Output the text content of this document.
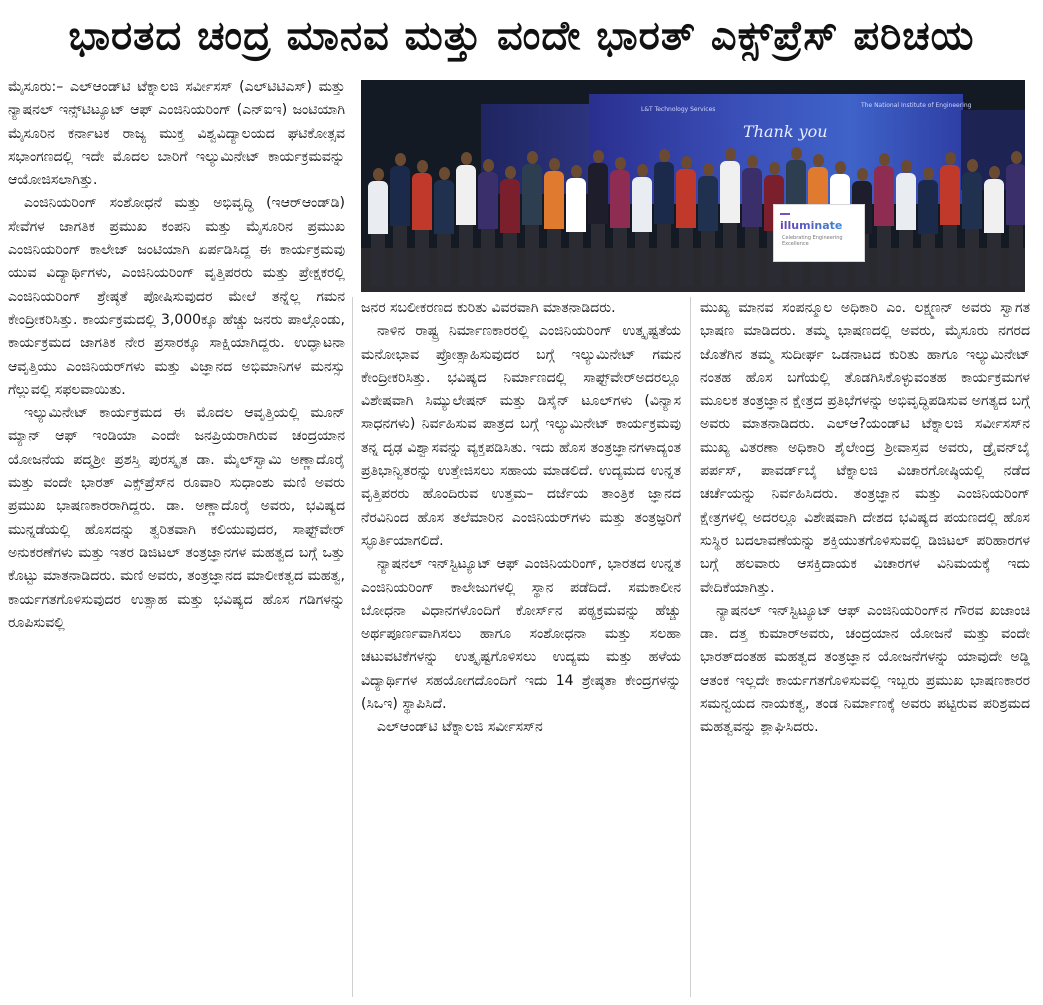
ಭಾರತದ ಚಂದ್ರ ಮಾನವ ಮತ್ತು ವಂದೇ ಭಾರತ್ ಎಕ್ಸ್‌ಪ್ರೆಸ್ ಪರಿಚಯ

ಮೈಸೂರು:– ಎಲ್‌ಆಂಡ್‌ಟಿ ಟೆಕ್ನಾಲಜಿ ಸರ್ವೀಸಸ್ (ಎಲ್‌ಟಿಟಿಎಸ್) ಮತ್ತು ನ್ಯಾಷನಲ್ ಇನ್ಸ್‌ಟಿಟ್ಯೂಟ್ ಆಫ್ ಎಂಜಿನಿಯರಿಂಗ್ (ಎನ್‌ಐಇ) ಜಂಟಿಯಾಗಿ ಮೈಸೂರಿನ ಕರ್ನಾಟಕ ರಾಜ್ಯ ಮುಕ್ತ ವಿಶ್ವವಿದ್ಯಾಲಯದ ಘಟಿಕೋತ್ಸವ ಸಭಾಂಗಣದಲ್ಲಿ ಇದೇ ಮೊದಲ ಬಾರಿಗೆ ಇಲ್ಯುಮಿನೇಟ್ ಕಾರ್ಯಕ್ರಮವನ್ನು ಆಯೋಜಿಸಲಾಗಿತ್ತು.

ಎಂಜಿನಿಯರಿಂಗ್ ಸಂಶೋಧನೆ ಮತ್ತು ಅಭಿವೃದ್ಧಿ (ಇಆರ್‌ಆಂಡ್‌ಡಿ) ಸೇವೆಗಳ ಜಾಗತಿಕ ಪ್ರಮುಖ ಕಂಪನಿ ಮತ್ತು ಮೈಸೂರಿನ ಪ್ರಮುಖ ಎಂಜಿನಿಯರಿಂಗ್ ಕಾಲೇಜ್ ಜಂಟಿಯಾಗಿ ಏರ್ಪಡಿಸಿದ್ದ ಈ ಕಾರ್ಯಕ್ರಮವು ಯುವ ವಿದ್ಯಾರ್ಥಿಗಳು, ಎಂಜಿನಿಯರಿಂಗ್ ವೃತ್ತಿಪರರು ಮತ್ತು ಪ್ರೇಕ್ಷಕರಲ್ಲಿ ಎಂಜಿನಿಯರಿಂಗ್ ಶ್ರೇಷ್ಠತೆ ಪೋಷಿಸುವುದರ ಮೇಲೆ ತನ್ನೆಲ್ಲ ಗಮನ ಕೇಂದ್ರೀಕರಿಸಿತ್ತು. ಕಾರ್ಯಕ್ರಮದಲ್ಲಿ 3,000ಕ್ಕೂ ಹೆಚ್ಚು ಜನರು ಪಾಲ್ಗೊಂಡು, ಕಾರ್ಯಕ್ರಮದ ಜಾಗತಿಕ ನೇರ ಪ್ರಸಾರಕ್ಕೂ ಸಾಕ್ಷಿಯಾಗಿದ್ದರು. ಉದ್ಘಾಟನಾ ಆವೃತ್ತಿಯು ಎಂಜಿನಿಯರ್‌ಗಳು ಮತ್ತು ವಿಜ್ಞಾನದ ಅಭಿಮಾನಿಗಳ ಮನಸ್ಸು ಗೆಲ್ಲುವಲ್ಲಿ ಸಫಲವಾಯಿತು.

ಇಲ್ಯುಮಿನೇಟ್ ಕಾರ್ಯಕ್ರಮದ ಈ ಮೊದಲ ಆವೃತ್ತಿಯಲ್ಲಿ ಮೂನ್ ಮ್ಯಾನ್ ಆಫ್ ಇಂಡಿಯಾ ಎಂದೇ ಜನಪ್ರಿಯರಾಗಿರುವ ಚಂದ್ರಯಾನ ಯೋಜನೆಯ ಪದ್ಮಶ್ರೀ ಪ್ರಶಸ್ತಿ ಪುರಸ್ಕೃತ ಡಾ. ಮೈಲ್‌ಸ್ವಾಮಿ ಅಣ್ಣಾದೊರೈ ಮತ್ತು ವಂದೇ ಭಾರತ್ ಎಕ್ಸ್‌ಪ್ರೆಸ್‌ನ ರೂವಾರಿ ಸುಧಾಂಶು ಮಣಿ ಅವರು ಪ್ರಮುಖ ಭಾಷಣಕಾರರಾಗಿದ್ದರು. ಡಾ. ಅಣ್ಣಾದೊರೈ ಅವರು, ಭವಿಷ್ಯದ ಮುನ್ನಡೆಯಲ್ಲಿ ಹೊಸದನ್ನು ತ್ವರಿತವಾಗಿ ಕಲಿಯುವುದರ, ಸಾಫ್ಟ್‌ವೇರ್ ಅನುಕರಣೆಗಳು ಮತ್ತು ಇತರ ಡಿಜಿಟಲ್ ತಂತ್ರಜ್ಞಾನಗಳ ಮಹತ್ವದ ಬಗ್ಗೆ ಒತ್ತು ಕೊಟ್ಟು ಮಾತನಾಡಿದರು. ಮಣಿ ಅವರು, ತಂತ್ರಜ್ಞಾನದ ಮಾಲೀಕತ್ವದ ಮಹತ್ವ, ಕಾರ್ಯಗತಗೊಳಿಸುವುದರ ಉತ್ಸಾಹ ಮತ್ತು ಭವಿಷ್ಯದ ಹೊಸ ಗಡಿಗಳನ್ನು ರೂಪಿಸುವಲ್ಲಿ

L&T Technology Services
The National Institute of Engineering
Thank you
illuminate
Celebrating Engineering Excellence

ಜನರ ಸಬಲೀಕರಣದ ಕುರಿತು ವಿವರವಾಗಿ ಮಾತನಾಡಿದರು.

ನಾಳಿನ ರಾಷ್ಟ್ರ ನಿರ್ಮಾಣಕಾರರಲ್ಲಿ ಎಂಜಿನಿಯರಿಂಗ್ ಉತ್ಕೃಷ್ಟತೆಯ ಮನೋಭಾವ ಪ್ರೋತ್ಸಾಹಿಸುವುದರ ಬಗ್ಗೆ ಇಲ್ಯುಮಿನೇಟ್ ಗಮನ ಕೇಂದ್ರೀಕರಿಸಿತ್ತು. ಭವಿಷ್ಯದ ನಿರ್ಮಾಣದಲ್ಲಿ ಸಾಫ್ಟ್‌ವೇರ್‌ಅದರಲ್ಲೂ ವಿಶೇಷವಾಗಿ ಸಿಮ್ಯುಲೇಷನ್ ಮತ್ತು ಡಿಸೈನ್ ಟೂಲ್‌ಗಳು (ವಿನ್ಯಾಸ ಸಾಧನಗಳು) ನಿರ್ವಹಿಸುವ ಪಾತ್ರದ ಬಗ್ಗೆ ಇಲ್ಯುಮಿನೇಟ್ ಕಾರ್ಯಕ್ರಮವು ತನ್ನ ದೃಢ ವಿಶ್ವಾಸವನ್ನು ವ್ಯಕ್ತಪಡಿಸಿತು. ಇದು ಹೊಸ ತಂತ್ರಜ್ಞಾನಗಳಾದ್ಯಂತ ಪ್ರತಿಭಾನ್ವಿತರನ್ನು ಉತ್ತೇಜಿಸಲು ಸಹಾಯ ಮಾಡಲಿದೆ. ಉದ್ಯಮದ ಉನ್ನತ ವೃತ್ತಿಪರರು ಹೊಂದಿರುವ ಉತ್ತಮ– ದರ್ಜೆಯ ತಾಂತ್ರಿಕ ಜ್ಞಾನದ ನೆರವಿನಿಂದ ಹೊಸ ತಲೆಮಾರಿನ ಎಂಜಿನಿಯರ್‌ಗಳು ಮತ್ತು ತಂತ್ರಜ್ಞರಿಗೆ ಸ್ಫೂರ್ತಿಯಾಗಲಿದೆ.

ನ್ಯಾಷನಲ್ ಇನ್‌ಸ್ಟಿಟ್ಯೂಟ್ ಆಫ್ ಎಂಜಿನಿಯರಿಂಗ್, ಭಾರತದ ಉನ್ನತ ಎಂಜಿನಿಯರಿಂಗ್ ಕಾಲೇಜುಗಳಲ್ಲಿ ಸ್ಥಾನ ಪಡೆದಿದೆ. ಸಮಕಾಲೀನ ಬೋಧನಾ ವಿಧಾನಗಳೊಂದಿಗೆ ಕೋರ್ಸ್‌ನ ಪಠ್ಯಕ್ರಮವನ್ನು ಹೆಚ್ಚು ಅರ್ಥಪೂರ್ಣವಾಗಿಸಲು ಹಾಗೂ ಸಂಶೋಧನಾ ಮತ್ತು ಸಲಹಾ ಚಟುವಟಿಕೆಗಳನ್ನು ಉತ್ಕೃಷ್ಟಗೊಳಿಸಲು ಉದ್ಯಮ ಮತ್ತು ಹಳೆಯ ವಿದ್ಯಾರ್ಥಿಗಳ ಸಹಯೋಗದೊಂದಿಗೆ ಇದು 14 ಶ್ರೇಷ್ಠತಾ ಕೇಂದ್ರಗಳನ್ನು (ಸಿಒಇ) ಸ್ಥಾಪಿಸಿದೆ.

ಎಲ್‌ಆಂಡ್‌ಟಿ ಟೆಕ್ನಾಲಜಿ ಸರ್ವೀಸಸ್‌ನ

ಮುಖ್ಯ ಮಾನವ ಸಂಪನ್ಮೂಲ ಅಧಿಕಾರಿ ಎಂ. ಲಕ್ಷ್ಮಣನ್ ಅವರು ಸ್ವಾಗತ ಭಾಷಣ ಮಾಡಿದರು. ತಮ್ಮ ಭಾಷಣದಲ್ಲಿ ಅವರು, ಮೈಸೂರು ನಗರದ ಜೊತೆಗಿನ ತಮ್ಮ ಸುದೀರ್ಘ ಒಡನಾಟದ ಕುರಿತು ಹಾಗೂ ಇಲ್ಯುಮಿನೇಟ್ ನಂತಹ ಹೊಸ ಬಗೆಯಲ್ಲಿ ತೊಡಗಿಸಿಕೊಳ್ಳುವಂತಹ ಕಾರ್ಯಕ್ರಮಗಳ ಮೂಲಕ ತಂತ್ರಜ್ಞಾನ ಕ್ಷೇತ್ರದ ಪ್ರತಿಭೆಗಳನ್ನು ಅಭಿವೃದ್ಧಿಪಡಿಸುವ ಅಗತ್ಯದ ಬಗ್ಗೆ ಅವರು ಮಾತನಾಡಿದರು. ಎಲ್‌ಆ?ಯಂಡ್‌ಟಿ ಟೆಕ್ನಾಲಜಿ ಸರ್ವೀಸಸ್‌ನ ಮುಖ್ಯ ವಿತರಣಾ ಅಧಿಕಾರಿ ಶೈಲೇಂದ್ರ ಶ್ರೀವಾಸ್ತವ ಅವರು, ಡ್ರೈವನ್‌ಬೈ ಪರ್ಪಸ್, ಪಾವರ್ಡ್‌ಬೈ ಟೆಕ್ನಾಲಜಿ ವಿಚಾರಗೋಷ್ಠಿಯಲ್ಲಿ ನಡೆದ ಚರ್ಚೆಯನ್ನು ನಿರ್ವಹಿಸಿದರು. ತಂತ್ರಜ್ಞಾನ ಮತ್ತು ಎಂಜಿನಿಯರಿಂಗ್ ಕ್ಷೇತ್ರಗಳಲ್ಲಿ ಅದರಲ್ಲೂ ವಿಶೇಷವಾಗಿ ದೇಶದ ಭವಿಷ್ಯದ ಪಯಣದಲ್ಲಿ ಹೊಸ ಸುಸ್ಥಿರ ಬದಲಾವಣೆಯನ್ನು ಶಕ್ತಿಯುತಗೊಳಿಸುವಲ್ಲಿ ಡಿಜಿಟಲ್ ಪರಿಹಾರಗಳ ಬಗ್ಗೆ ಹಲವಾರು ಆಸಕ್ತಿದಾಯಕ ವಿಚಾರಗಳ ವಿನಿಮಯಕ್ಕೆ ಇದು ವೇದಿಕೆಯಾಗಿತ್ತು.

ನ್ಯಾಷನಲ್ ಇನ್‌ಸ್ಟಿಟ್ಯೂಟ್ ಆಫ್ ಎಂಜಿನಿಯರಿಂಗ್‌ನ ಗೌರವ ಖಜಾಂಚಿ ಡಾ. ದತ್ತ ಕುಮಾರ್‌ಅವರು, ಚಂದ್ರಯಾನ ಯೋಜನೆ ಮತ್ತು ವಂದೇ ಭಾರತ್‌ದಂತಹ ಮಹತ್ವದ ತಂತ್ರಜ್ಞಾನ ಯೋಜನೆಗಳನ್ನು ಯಾವುದೇ ಅಡ್ಡಿ ಆತಂಕ ಇಲ್ಲದೇ ಕಾರ್ಯಗತಗೊಳಿಸುವಲ್ಲಿ ಇಬ್ಬರು ಪ್ರಮುಖ ಭಾಷಣಕಾರರ ಸಮನ್ವಯದ ನಾಯಕತ್ವ, ತಂಡ ನಿರ್ಮಾಣಕ್ಕೆ ಅವರು ಪಟ್ಟಿರುವ ಪರಿಶ್ರಮದ ಮಹತ್ವವನ್ನು ಶ್ಲಾಘಿಸಿದರು.
